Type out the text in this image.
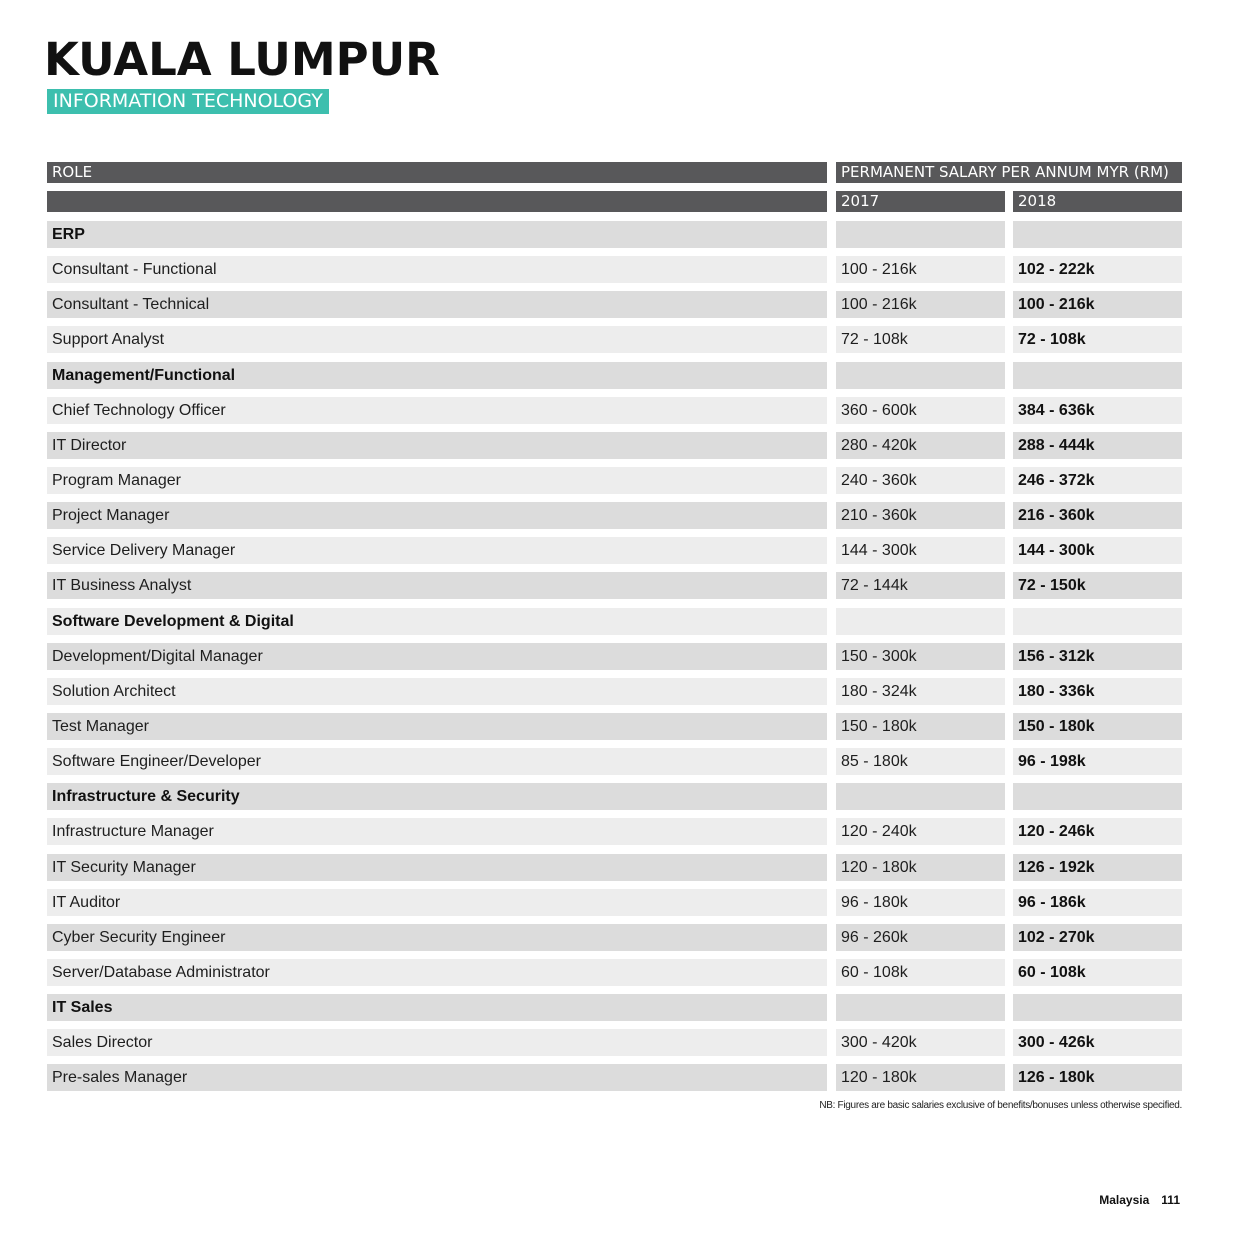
KUALA LUMPUR
INFORMATION TECHNOLOGY
ROLE	PERMANENT SALARY PER ANNUM MYR (RM)
2017	2018
ERP
Consultant - Functional	100 - 216k	102 - 222k
Consultant - Technical	100 - 216k	100 - 216k
Support Analyst	72 - 108k	72 - 108k
Management/Functional
Chief Technology Officer	360 - 600k	384 - 636k
IT Director	280 - 420k	288 - 444k
Program Manager	240 - 360k	246 - 372k
Project Manager	210 - 360k	216 - 360k
Service Delivery Manager	144 - 300k	144 - 300k
IT Business Analyst	72 - 144k	72 - 150k
Software Development & Digital
Development/Digital Manager	150 - 300k	156 - 312k
Solution Architect	180 - 324k	180 - 336k
Test Manager	150 - 180k	150 - 180k
Software Engineer/Developer	85 - 180k	96 - 198k
Infrastructure & Security
Infrastructure Manager	120 - 240k	120 - 246k
IT Security Manager	120 - 180k	126 - 192k
IT Auditor	96 - 180k	96 - 186k
Cyber Security Engineer	96 - 260k	102 - 270k
Server/Database Administrator	60 - 108k	60 - 108k
IT Sales
Sales Director	300 - 420k	300 - 426k
Pre-sales Manager	120 - 180k	126 - 180k
NB: Figures are basic salaries exclusive of benefits/bonuses unless otherwise specified.
Malaysia 111
